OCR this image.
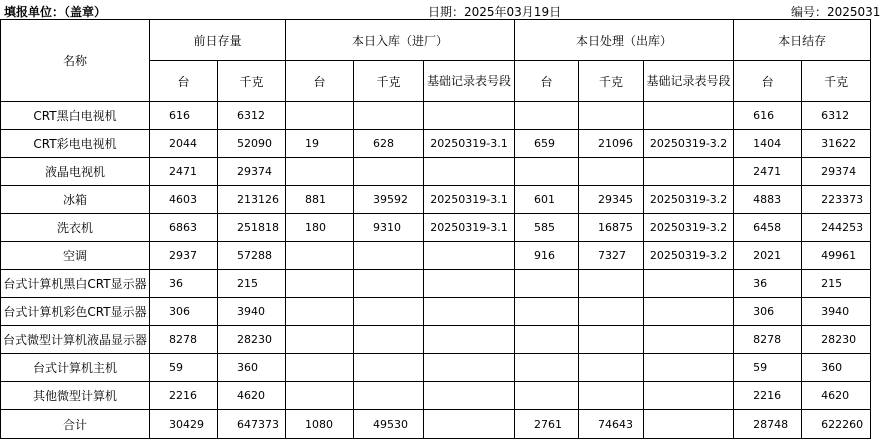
填报单位：（盖章）	日期：2025年03月19日	编号：2025031
名称	前日存量		本日入库（进厂）			本日处理（出库）			本日结存	
	台	千克	台	千克	基础记录表号段	台	千克	基础记录表号段	台	千克
CRT黑白电视机	616	6312							616	6312
CRT彩电电视机	2044	52090	19	628	20250319-3.1	659	21096	20250319-3.2	1404	31622
液晶电视机	2471	29374							2471	29374
冰箱	4603	213126	881	39592	20250319-3.1	601	29345	20250319-3.2	4883	223373
洗衣机	6863	251818	180	9310	20250319-3.1	585	16875	20250319-3.2	6458	244253
空调	2937	57288				916	7327	20250319-3.2	2021	49961
台式计算机黑白CRT显示器	36	215							36	215
台式计算机彩色CRT显示器	306	3940							306	3940
台式微型计算机液晶显示器	8278	28230							8278	28230
台式计算机主机	59	360							59	360
其他微型计算机	2216	4620							2216	4620
合计	30429	647373	1080	49530		2761	74643		28748	622260
